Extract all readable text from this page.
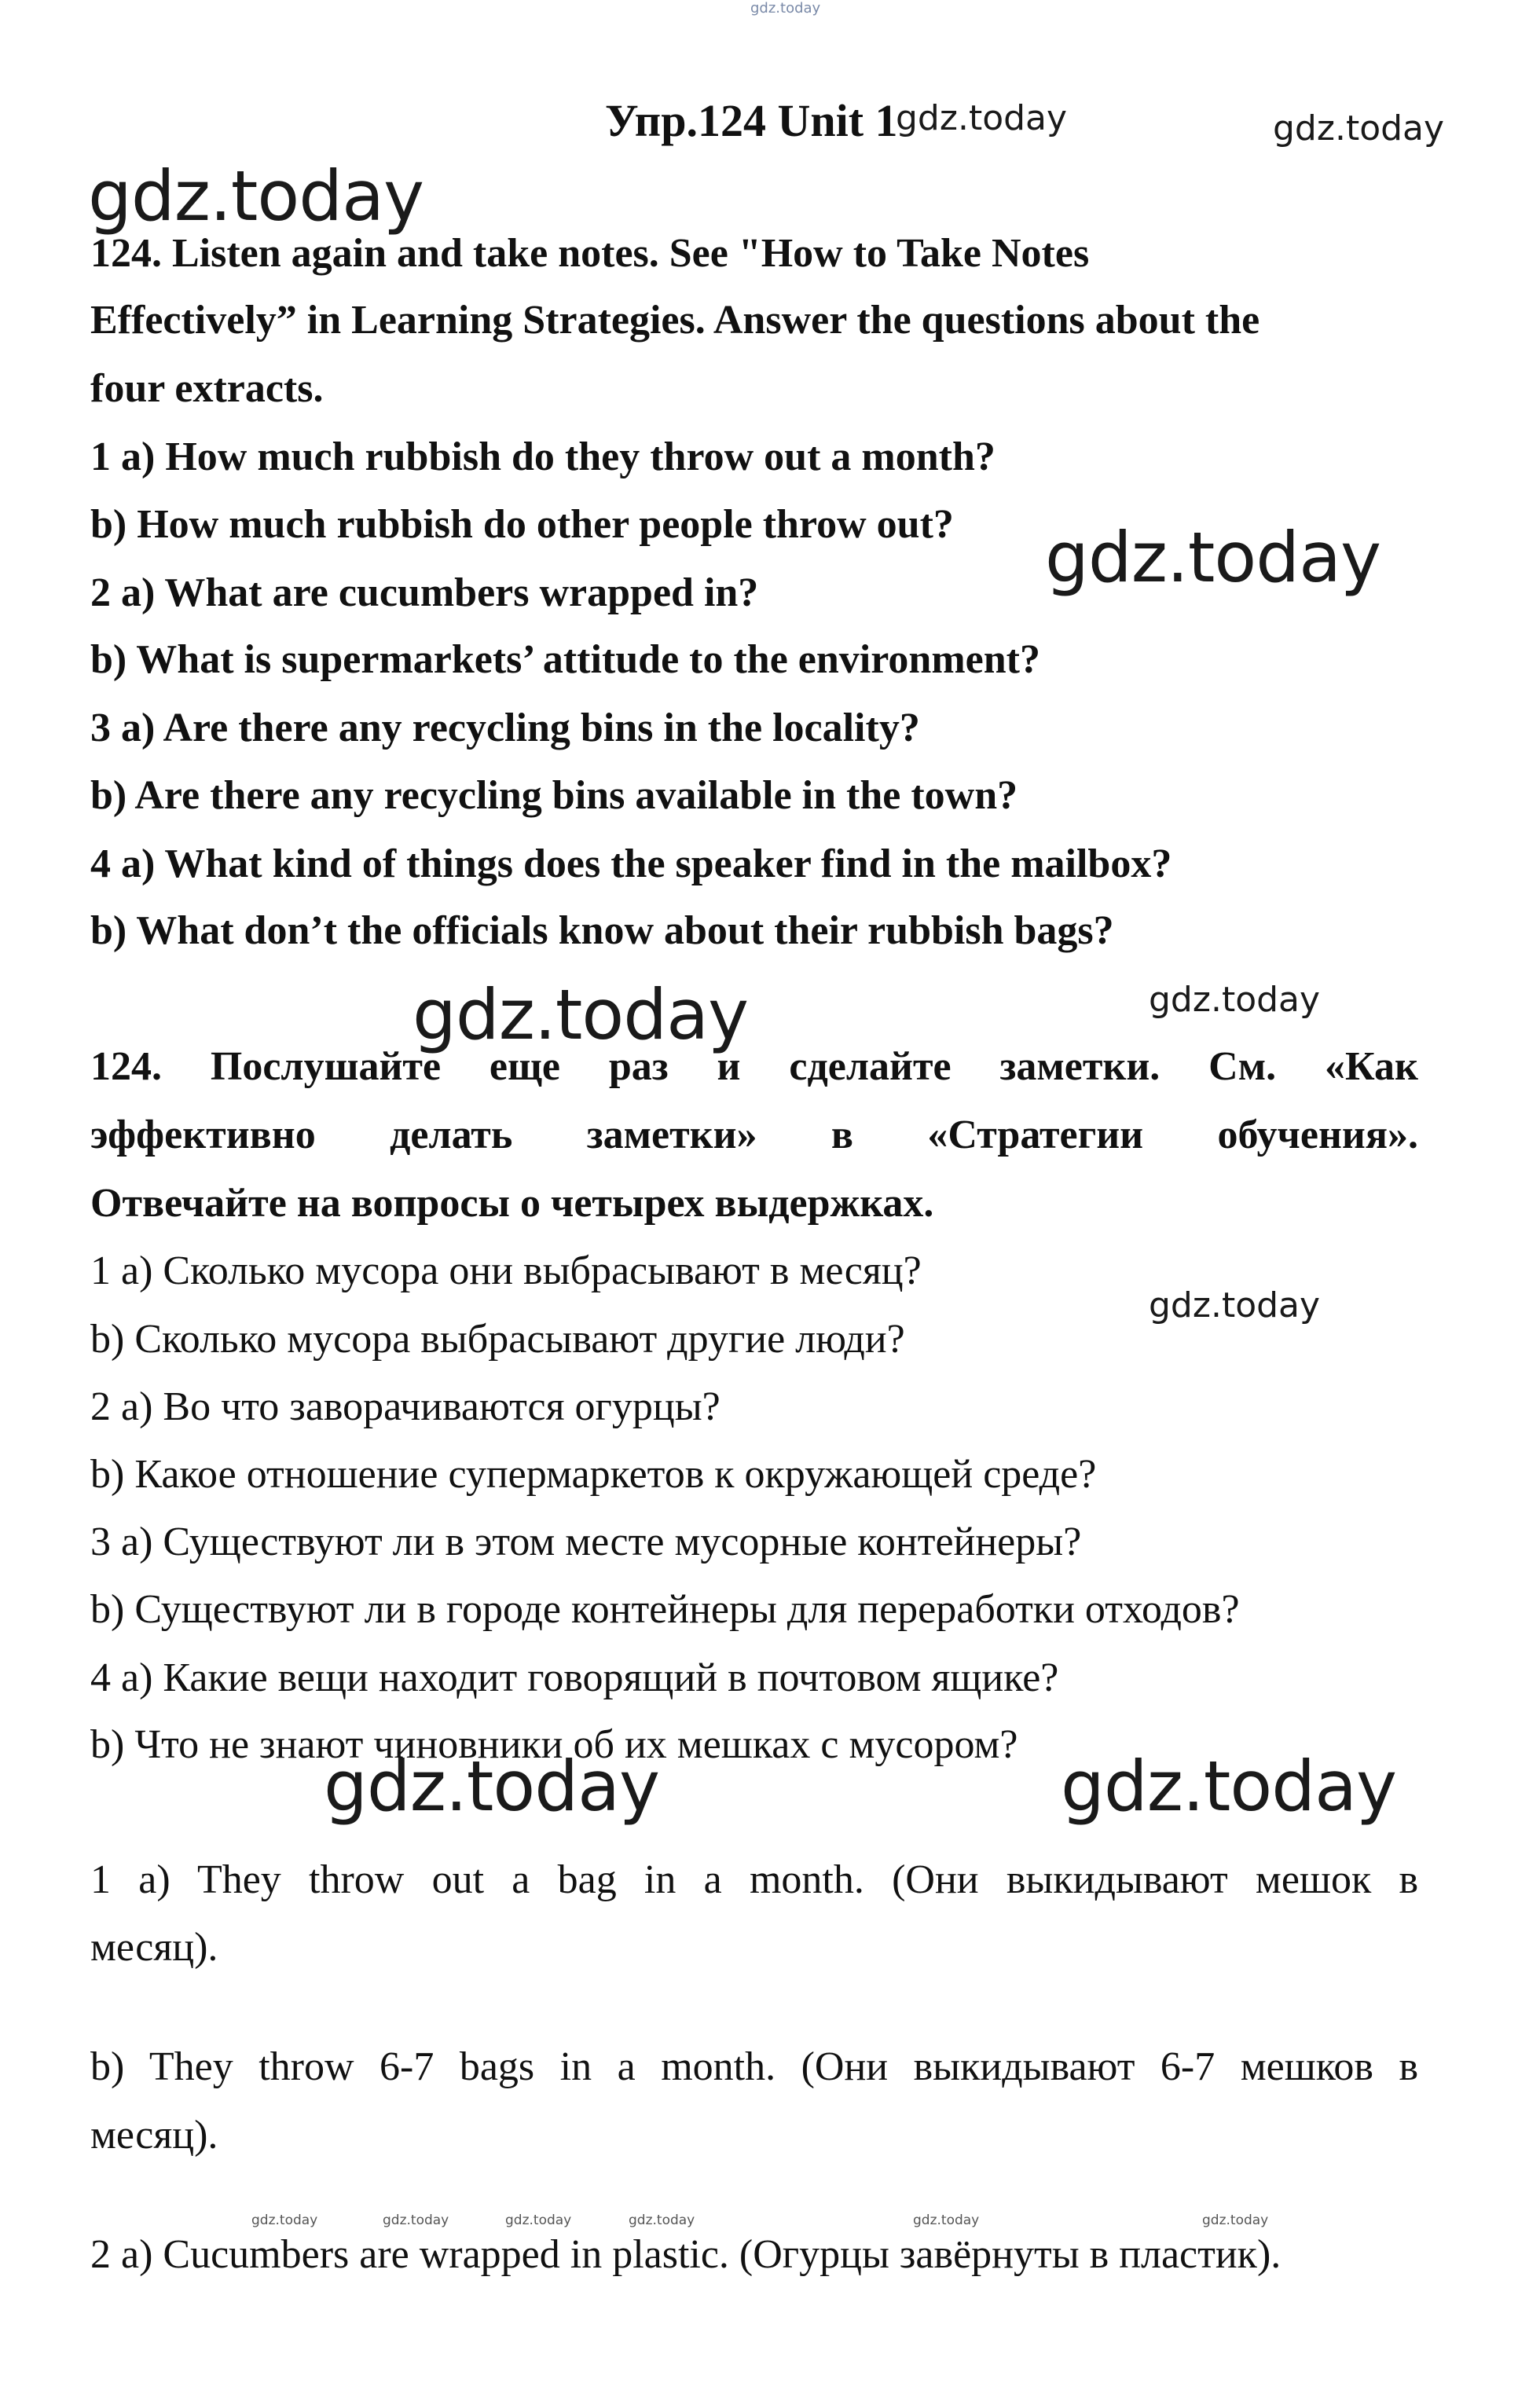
gdz.today
Упр.124 Unit 1
gdz.today	gdz.today
gdz.today
124. Listen again and take notes. See "How to Take Notes
Effectively” in Learning Strategies. Answer the questions about the
four extracts.
1 a) How much rubbish do they throw out a month?
b) How much rubbish do other people throw out? gdz.today
2 a) What are cucumbers wrapped in?
b) What is supermarkets’ attitude to the environment?
3 a) Are there any recycling bins in the locality?
b) Are there any recycling bins available in the town?
4 a) What kind of things does the speaker find in the mailbox?
b) What don’t the officials know about their rubbish bags?
gdz.today	gdz.today
124. Послушайте еще раз и сделайте заметки. См. «Как
эффективно делать заметки» в «Стратегии обучения».
Отвечайте на вопросы о четырех выдержках.
1 а) Сколько мусора они выбрасывают в месяц?
gdz.today
b) Сколько мусора выбрасывают другие люди?
2 а) Во что заворачиваются огурцы?
b) Какое отношение супермаркетов к окружающей среде?
3 а) Существуют ли в этом месте мусорные контейнеры?
b) Существуют ли в городе контейнеры для переработки отходов?
4 а) Какие вещи находит говорящий в почтовом ящике?
b) Что не знают чиновники об их мешках с мусором?
gdz.today	gdz.today
1 a) They throw out a bag in a month. (Они выкидывают мешок в
месяц).
b) They throw 6-7 bags in a month. (Они выкидывают 6-7 мешков в
месяц).
2 a) Cucumbers are wrapped in plastic. (Огурцы завёрнуты в пластик).
gdz.today	gdz.today	gdz.today	gdz.today	gdz.today	gdz.today
